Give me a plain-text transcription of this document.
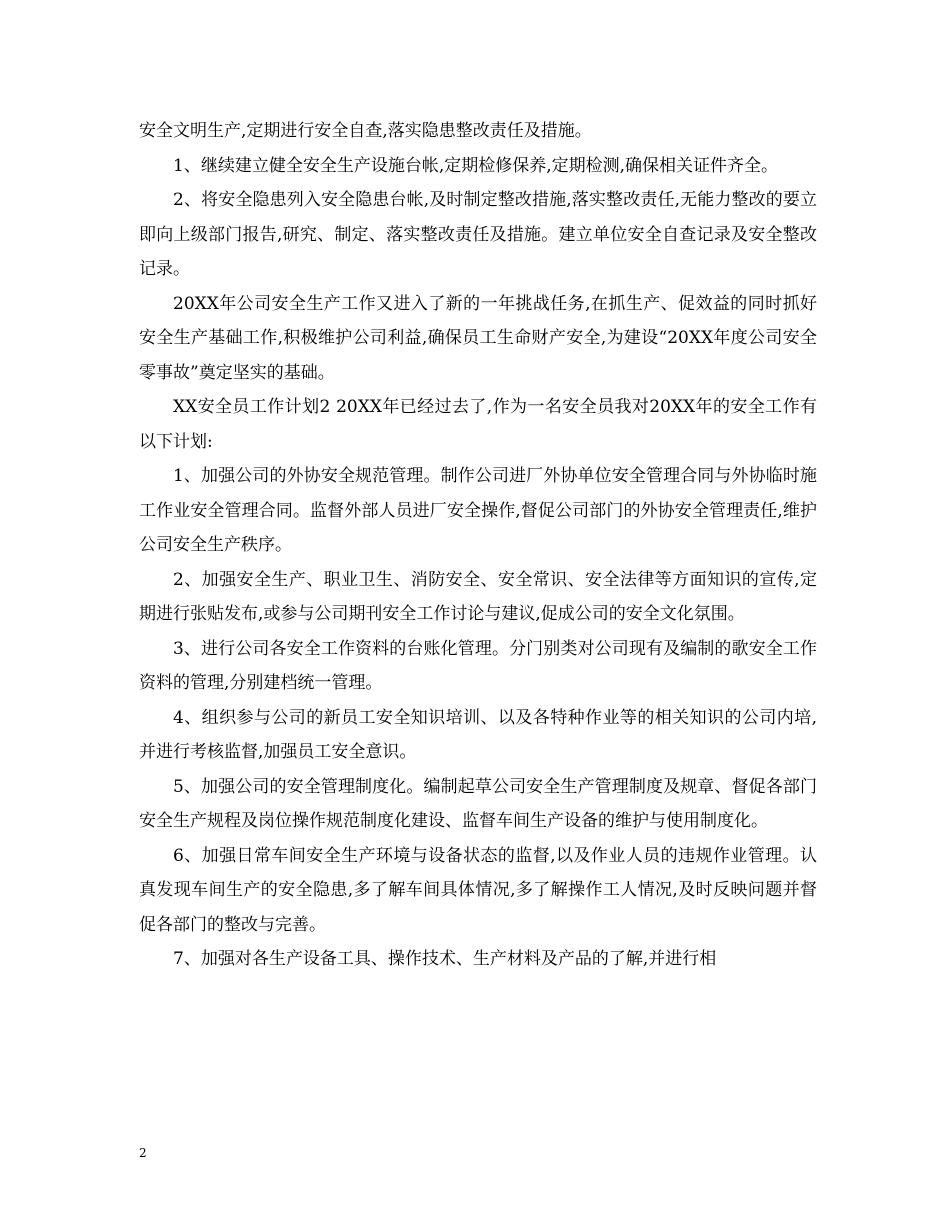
安全文明生产,定期进行安全自查,落实隐患整改责任及措施。

1、继续建立健全安全生产设施台帐,定期检修保养,定期检测,确保相关证件齐全。

2、将安全隐患列入安全隐患台帐,及时制定整改措施,落实整改责任,无能力整改的要立即向上级部门报告,研究、制定、落实整改责任及措施。建立单位安全自查记录及安全整改记录。

20XX年公司安全生产工作又进入了新的一年挑战任务,在抓生产、促效益的同时抓好安全生产基础工作,积极维护公司利益,确保员工生命财产安全,为建设“20XX年度公司安全零事故”奠定坚实的基础。

XX安全员工作计划2 20XX年已经过去了,作为一名安全员我对20XX年的安全工作有以下计划:

1、加强公司的外协安全规范管理。制作公司进厂外协单位安全管理合同与外协临时施工作业安全管理合同。监督外部人员进厂安全操作,督促公司部门的外协安全管理责任,维护公司安全生产秩序。

2、加强安全生产、职业卫生、消防安全、安全常识、安全法律等方面知识的宣传,定期进行张贴发布,或参与公司期刊安全工作讨论与建议,促成公司的安全文化氛围。

3、进行公司各安全工作资料的台账化管理。分门别类对公司现有及编制的歌安全工作资料的管理,分别建档统一管理。

4、组织参与公司的新员工安全知识培训、以及各特种作业等的相关知识的公司内培,并进行考核监督,加强员工安全意识。

5、加强公司的安全管理制度化。编制起草公司安全生产管理制度及规章、督促各部门安全生产规程及岗位操作规范制度化建设、监督车间生产设备的维护与使用制度化。

6、加强日常车间安全生产环境与设备状态的监督,以及作业人员的违规作业管理。认真发现车间生产的安全隐患,多了解车间具体情况,多了解操作工人情况,及时反映问题并督促各部门的整改与完善。

7、加强对各生产设备工具、操作技术、生产材料及产品的了解,并进行相

2
